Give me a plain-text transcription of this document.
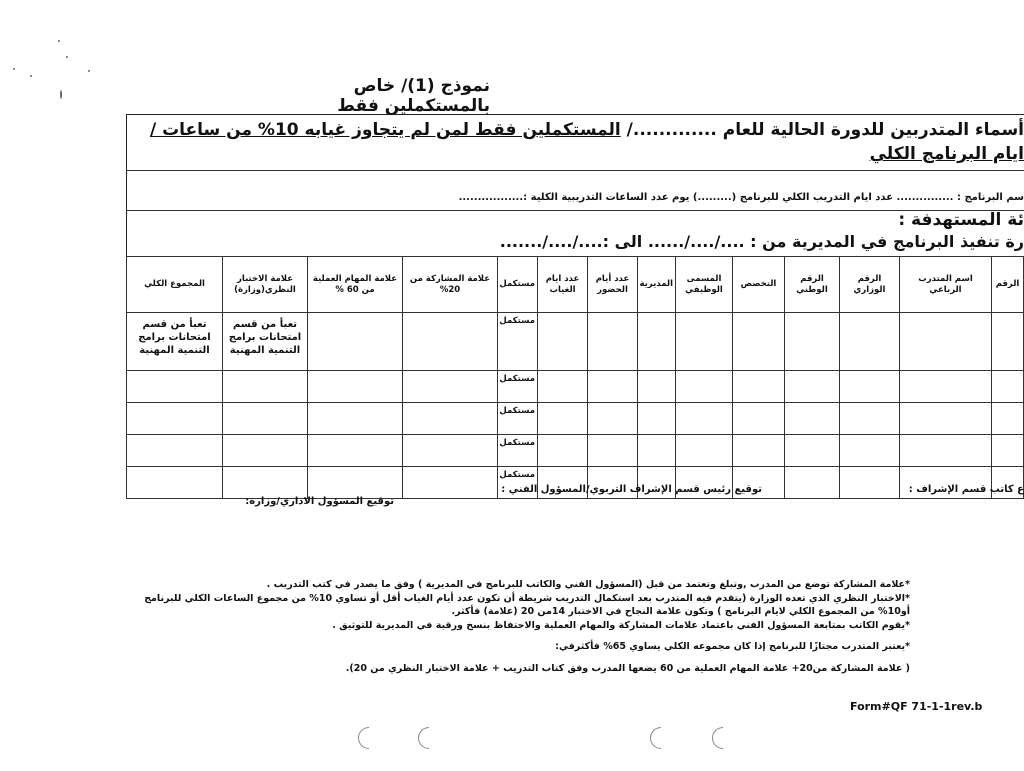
نموذج (1)/ خاص بالمستكملين فقط
أسماء المتدربين للدورة الحالية للعام ............./ المستكملين فقط لمن لم يتجاوز غيابه 10% من ساعات / ايام البرنامج الكلي
ﺳﻢ البرنامج : ............... عدد ايام التدريب الكلي للبرنامج (.........) يوم عدد الساعات التدريبية الكلية :.................
ئة المستهدفة :
رة تنفيذ البرنامج في المديرية من : ..../..../...... الى :..../..../.......
الرقم	اسم المتدرب الرباعي	الرقم الوزاري	الرقم الوطني	التخصص	المسمى الوظيفي	المديرية	عدد أيام الحضور	عدد ايام الغياب	مستكمل	علامة المشاركة من 20%	علامة المهام العملية من 60 %	علامة الاختبار النظري(وزارة)	المجموع الكلي
									مستكمل			تعبأ من قسم امتحانات برامج التنمية المهنية	تعبأ من قسم امتحانات برامج التنمية المهنية
									مستكمل				
									مستكمل				
									مستكمل				
									مستكمل				
ع كاتب قسم الإشراف :
توقيع رئيس قسم الإشراف التربوي/المسؤول الفني :
توقيع المسؤول الاداري/وزارة:

*علامة المشاركة توضع من المدرب ,وتبلغ وتعتمد من قبل (المسؤول الفني والكاتب للبرنامج في المديرية ) وفق ما يصدر في كتب التدريب .

*الاختبار النظري الذي تعده الوزارة (يتقدم فيه المتدرب بعد استكمال التدريب شريطة أن تكون عدد أيام الغياب أقل أو تساوي 10% من مجموع الساعات الكلي للبرنامج أو10% من المجموع الكلي لايام البرنامج ) وتكون علامة النجاح في الاختبار 14من 20 (علامة) فأكثر.

*يقوم الكاتب بمتابعة المسؤول الفني باعتماد علامات المشاركة والمهام العملية والاحتفاظ بنسخ ورقية في المديرية للتوثيق .

*يعتبر المتدرب مجتازًا للبرنامج إذا كان مجموعه الكلي يساوي 65% فأكثرفي:

( علامة المشاركة من20+ علامة المهام العملية من 60 يضعها المدرب وفق كتاب التدريب + علامة الاختبار النظري من 20).

Form#QF 71-1-1rev.b
